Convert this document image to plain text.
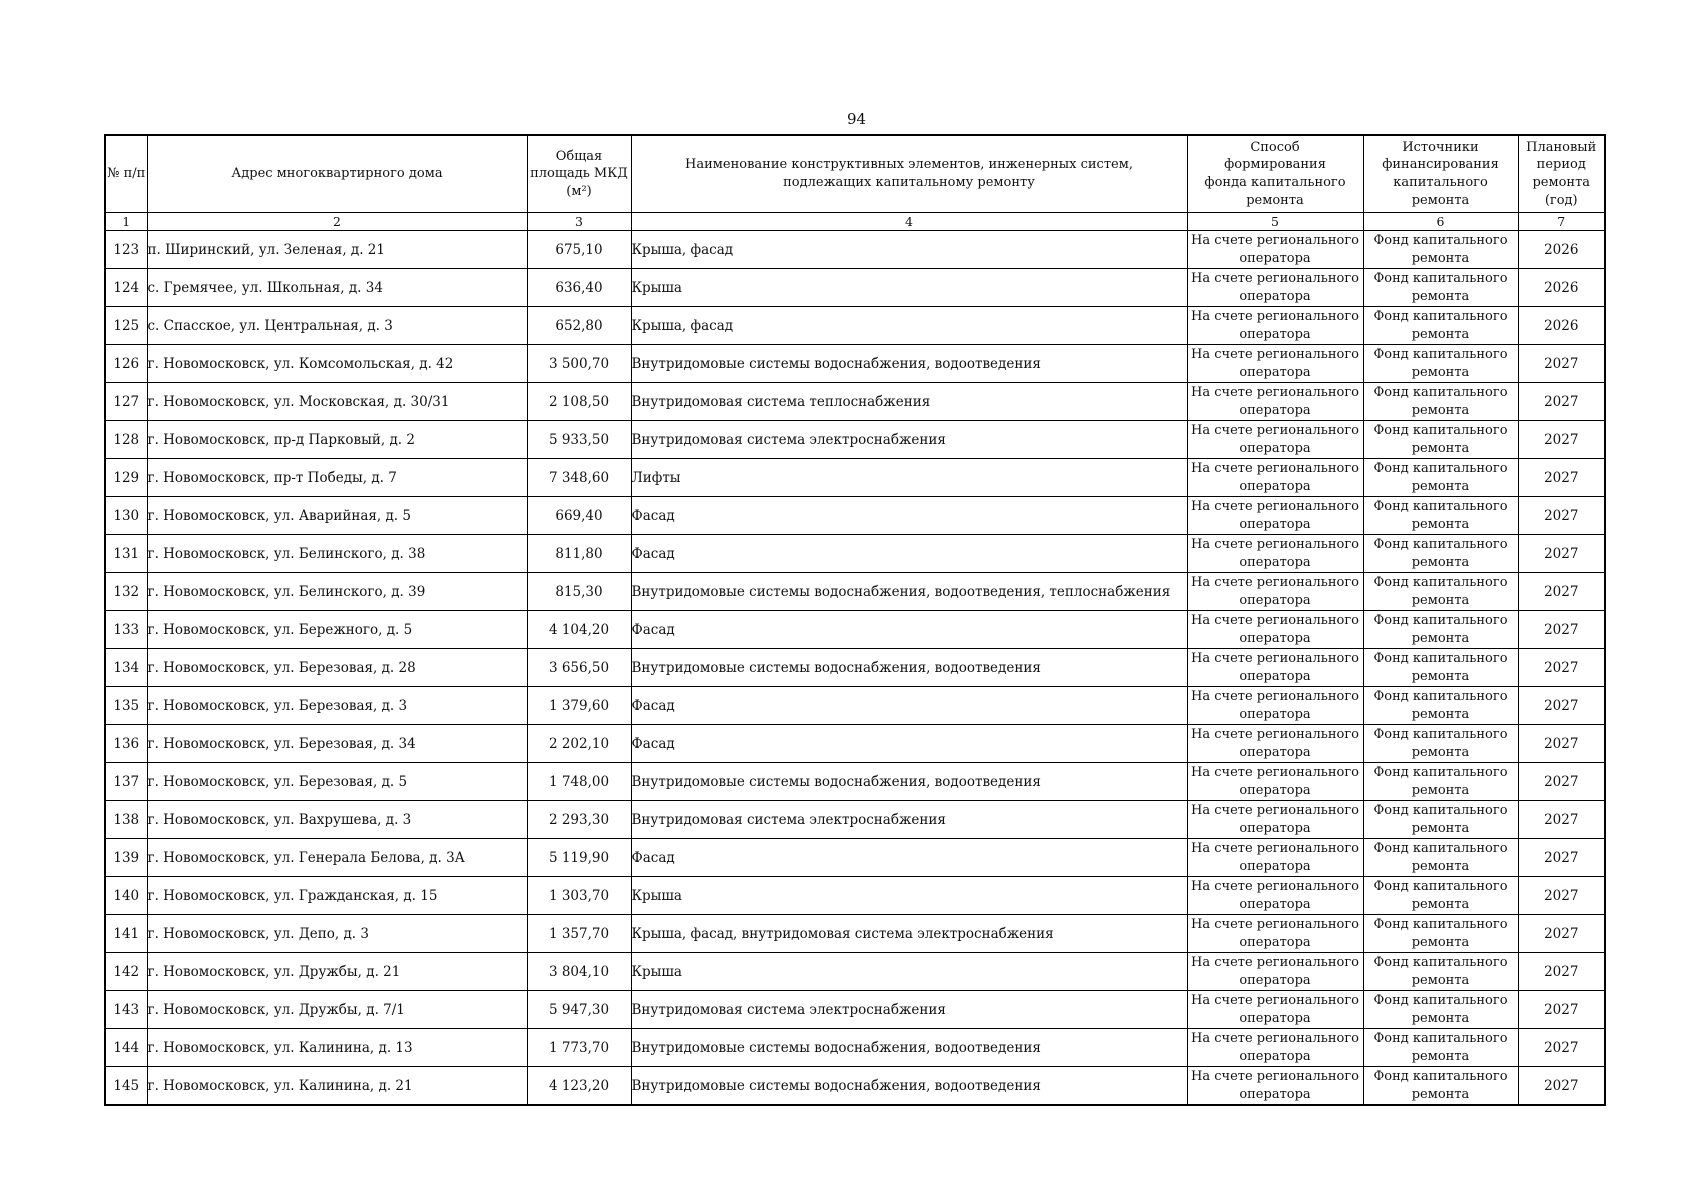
94
№ п/п	Адрес многоквартирного дома	Общая
площадь МКД
(м²)	Наименование конструктивных элементов, инженерных систем, подлежащих капитальному ремонту	Способ формирования фонда капитального ремонта	Источники финансирования капитального ремонта	Плановый период ремонта (год)
1	2	3	4	5	6	7
123	п. Ширинский, ул. Зеленая, д. 21	675,10	Крыша, фасад	На счете регионального
оператора	Фонд капитального
ремонта	2026
124	с. Гремячее, ул. Школьная, д. 34	636,40	Крыша	На счете регионального
оператора	Фонд капитального
ремонта	2026
125	с. Спасское, ул. Центральная, д. 3	652,80	Крыша, фасад	На счете регионального
оператора	Фонд капитального
ремонта	2026
126	г. Новомосковск, ул. Комсомольская, д. 42	3 500,70	Внутридомовые системы водоснабжения, водоотведения	На счете регионального
оператора	Фонд капитального
ремонта	2027
127	г. Новомосковск, ул. Московская, д. 30/31	2 108,50	Внутридомовая система теплоснабжения	На счете регионального
оператора	Фонд капитального
ремонта	2027
128	г. Новомосковск, пр-д Парковый, д. 2	5 933,50	Внутридомовая система электроснабжения	На счете регионального
оператора	Фонд капитального
ремонта	2027
129	г. Новомосковск, пр-т Победы, д. 7	7 348,60	Лифты	На счете регионального
оператора	Фонд капитального
ремонта	2027
130	г. Новомосковск, ул. Аварийная, д. 5	669,40	Фасад	На счете регионального
оператора	Фонд капитального
ремонта	2027
131	г. Новомосковск, ул. Белинского, д. 38	811,80	Фасад	На счете регионального
оператора	Фонд капитального
ремонта	2027
132	г. Новомосковск, ул. Белинского, д. 39	815,30	Внутридомовые системы водоснабжения, водоотведения, теплоснабжения	На счете регионального
оператора	Фонд капитального
ремонта	2027
133	г. Новомосковск, ул. Бережного, д. 5	4 104,20	Фасад	На счете регионального
оператора	Фонд капитального
ремонта	2027
134	г. Новомосковск, ул. Березовая, д. 28	3 656,50	Внутридомовые системы водоснабжения, водоотведения	На счете регионального
оператора	Фонд капитального
ремонта	2027
135	г. Новомосковск, ул. Березовая, д. 3	1 379,60	Фасад	На счете регионального
оператора	Фонд капитального
ремонта	2027
136	г. Новомосковск, ул. Березовая, д. 34	2 202,10	Фасад	На счете регионального
оператора	Фонд капитального
ремонта	2027
137	г. Новомосковск, ул. Березовая, д. 5	1 748,00	Внутридомовые системы водоснабжения, водоотведения	На счете регионального
оператора	Фонд капитального
ремонта	2027
138	г. Новомосковск, ул. Вахрушева, д. 3	2 293,30	Внутридомовая система электроснабжения	На счете регионального
оператора	Фонд капитального
ремонта	2027
139	г. Новомосковск, ул. Генерала Белова, д. 3А	5 119,90	Фасад	На счете регионального
оператора	Фонд капитального
ремонта	2027
140	г. Новомосковск, ул. Гражданская, д. 15	1 303,70	Крыша	На счете регионального
оператора	Фонд капитального
ремонта	2027
141	г. Новомосковск, ул. Депо, д. 3	1 357,70	Крыша, фасад, внутридомовая система электроснабжения	На счете регионального
оператора	Фонд капитального
ремонта	2027
142	г. Новомосковск, ул. Дружбы, д. 21	3 804,10	Крыша	На счете регионального
оператора	Фонд капитального
ремонта	2027
143	г. Новомосковск, ул. Дружбы, д. 7/1	5 947,30	Внутридомовая система электроснабжения	На счете регионального
оператора	Фонд капитального
ремонта	2027
144	г. Новомосковск, ул. Калинина, д. 13	1 773,70	Внутридомовые системы водоснабжения, водоотведения	На счете регионального
оператора	Фонд капитального
ремонта	2027
145	г. Новомосковск, ул. Калинина, д. 21	4 123,20	Внутридомовые системы водоснабжения, водоотведения	На счете регионального
оператора	Фонд капитального
ремонта	2027
